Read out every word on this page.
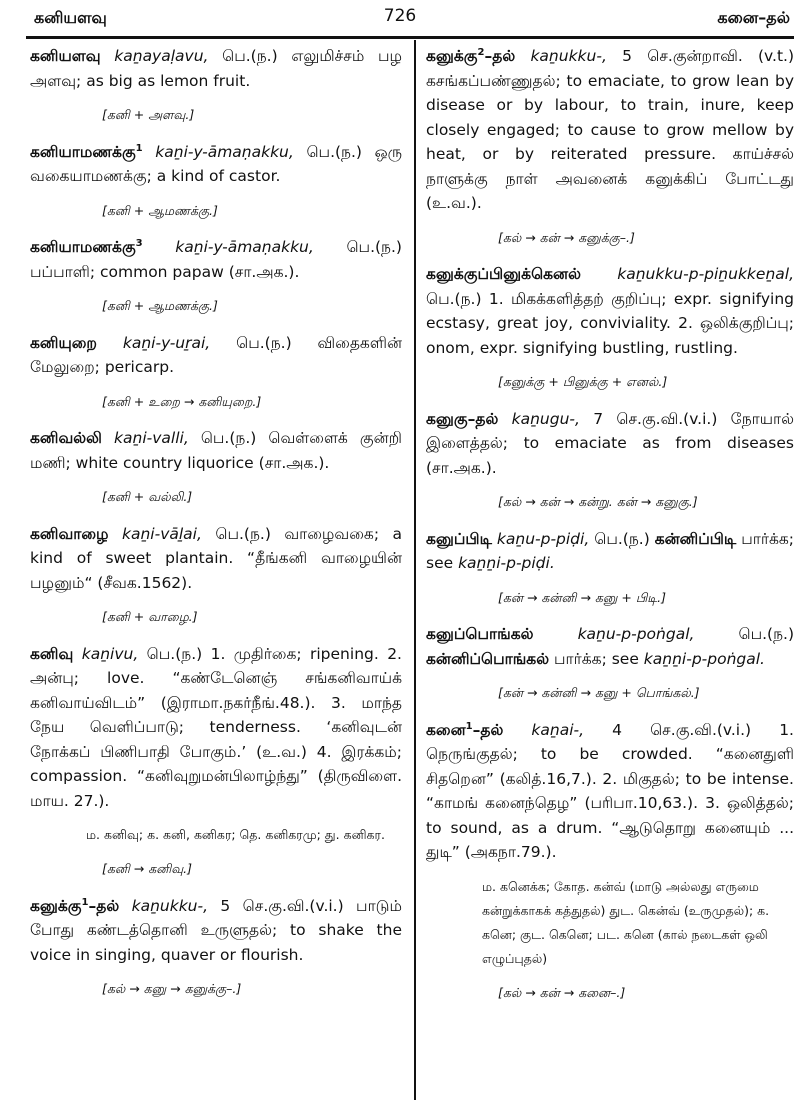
கனியளவு	726	கனை–தல்

கனியளவு kaṉayaḷavu, பெ.(ந.) எலுமிச்சம் பழ அளவு; as big as lemon fruit.

[கனி + அளவு.]

கனியாமணக்கு$^1$ kaṉi-y-āmaṇakku, பெ.(ந.) ஒரு வகையாமணக்கு; a kind of castor.

[கனி + ஆமணக்கு.]

கனியாமணக்கு$^3$ kaṉi-y-āmaṇakku, பெ.(ந.) பப்பாளி; common papaw (சா.அக.).

[கனி + ஆமணக்கு.]

கனியுறை kaṉi-y-uṟai, பெ.(ந.) விதைகளின் மேலுறை; pericarp.

[கனி + உறை → கனியுறை.]

கனிவல்லி kaṉi-valli, பெ.(ந.) வெள்ளைக் குன்றி மணி; white country liquorice (சா.அக.).

[கனி + வல்லி.]

கனிவாழை kaṉi-vāḻai, பெ.(ந.) வாழைவகை; a kind of sweet plantain. “தீங்கனி வாழையின் பழனும்“ (சீவக.1562).

[கனி + வாழை.]

கனிவு kaṉivu, பெ.(ந.) 1. முதிர்கை; ripening. 2. அன்பு; love. “கண்டேனெஞ் சங்கனிவாய்க் கனிவாய்விடம்” (இராமா.நகர்நீங்.48.). 3. மாந்த நேய வெளிப்பாடு; tenderness. ‘கனிவுடன் நோக்கப் பிணிபாதி போகும்.’ (உ.வ.) 4. இரக்கம்; compassion. “கனிவுறுமன்பிலாழ்ந்து” (திருவிளை. மாய. 27.).

ம. கனிவு; க. கனி, கனிகர; தெ. கனிகரமு; து. கனிகர.
[கனி → கனிவு.]

கனுக்கு$^1$–தல் kaṉukku-, 5 செ.கு.வி.(v.i.) பாடும் போது கண்டத்தொனி உருளுதல்; to shake the voice in singing, quaver or flourish.

[கல் → கனு → கனுக்கு–.]

கனுக்கு$^2$–தல் kaṉukku-, 5 செ.குன்றாவி. (v.t.) கசங்கப்பண்ணுதல்; to emaciate, to grow lean by disease or by labour, to train, inure, keep closely engaged; to cause to grow mellow by heat, or by reiterated pressure. காய்ச்சல் நாளுக்கு நாள் அவனைக் கனுக்கிப் போட்டது (உ.வ.).

[கல் → கன் → கனுக்கு–.]

கனுக்குப்பினுக்கெனல் kaṉukku-p-piṉukkeṉal, பெ.(ந.) 1. மிகக்களித்தற் குறிப்பு; expr. signifying ecstasy, great joy, conviviality. 2. ஒலிக்குறிப்பு; onom, expr. signifying bustling, rustling.

[கனுக்கு + பினுக்கு + எனல்.]

கனுகு–தல் kaṉugu-, 7 செ.கு.வி.(v.i.) நோயால் இளைத்தல்; to emaciate as from diseases (சா.அக.).

[கல் → கன் → கன்று. கன் → கனுகு.]

கனுப்பிடி kaṉu-p-piḍi, பெ.(ந.) கன்னிப்பிடி பார்க்க; see kaṉṉi-p-piḍi.

[கன் → கன்னி → கனு + பிடி.]

கனுப்பொங்கல்	kaṉu-p-poṅgal,	பெ.(ந.) கன்னிப்பொங்கல் பார்க்க; see kaṉṉi-p-poṅgal.

[கன் → கன்னி → கனு + பொங்கல்.]

கனை$^1$–தல் kaṉai-, 4 செ.கு.வி.(v.i.) 1. நெருங்குதல்; to be crowded. “கனைதுளி சிதறென” (கலித்.16,7.). 2. மிகுதல்; to be intense. “காமங் கனைந்தெழ” (பரிபா.10,63.). 3. ஒலித்தல்; to sound, as a drum. “ஆடுதொறு கனையும் ... துடி” (அகநா.79.).

ம. கனெக்க; கோத. கன்வ் (மாடு அல்லது எருமை கன்றுக்காகக் கத்துதல்) துட. கென்வ் (உருமுதல்); க. கனெ; குட. கெனெ; பட. கனெ (கால் நடைகள் ஒலி எழுப்புதல்)
[கல் → கன் → கனை–.]
